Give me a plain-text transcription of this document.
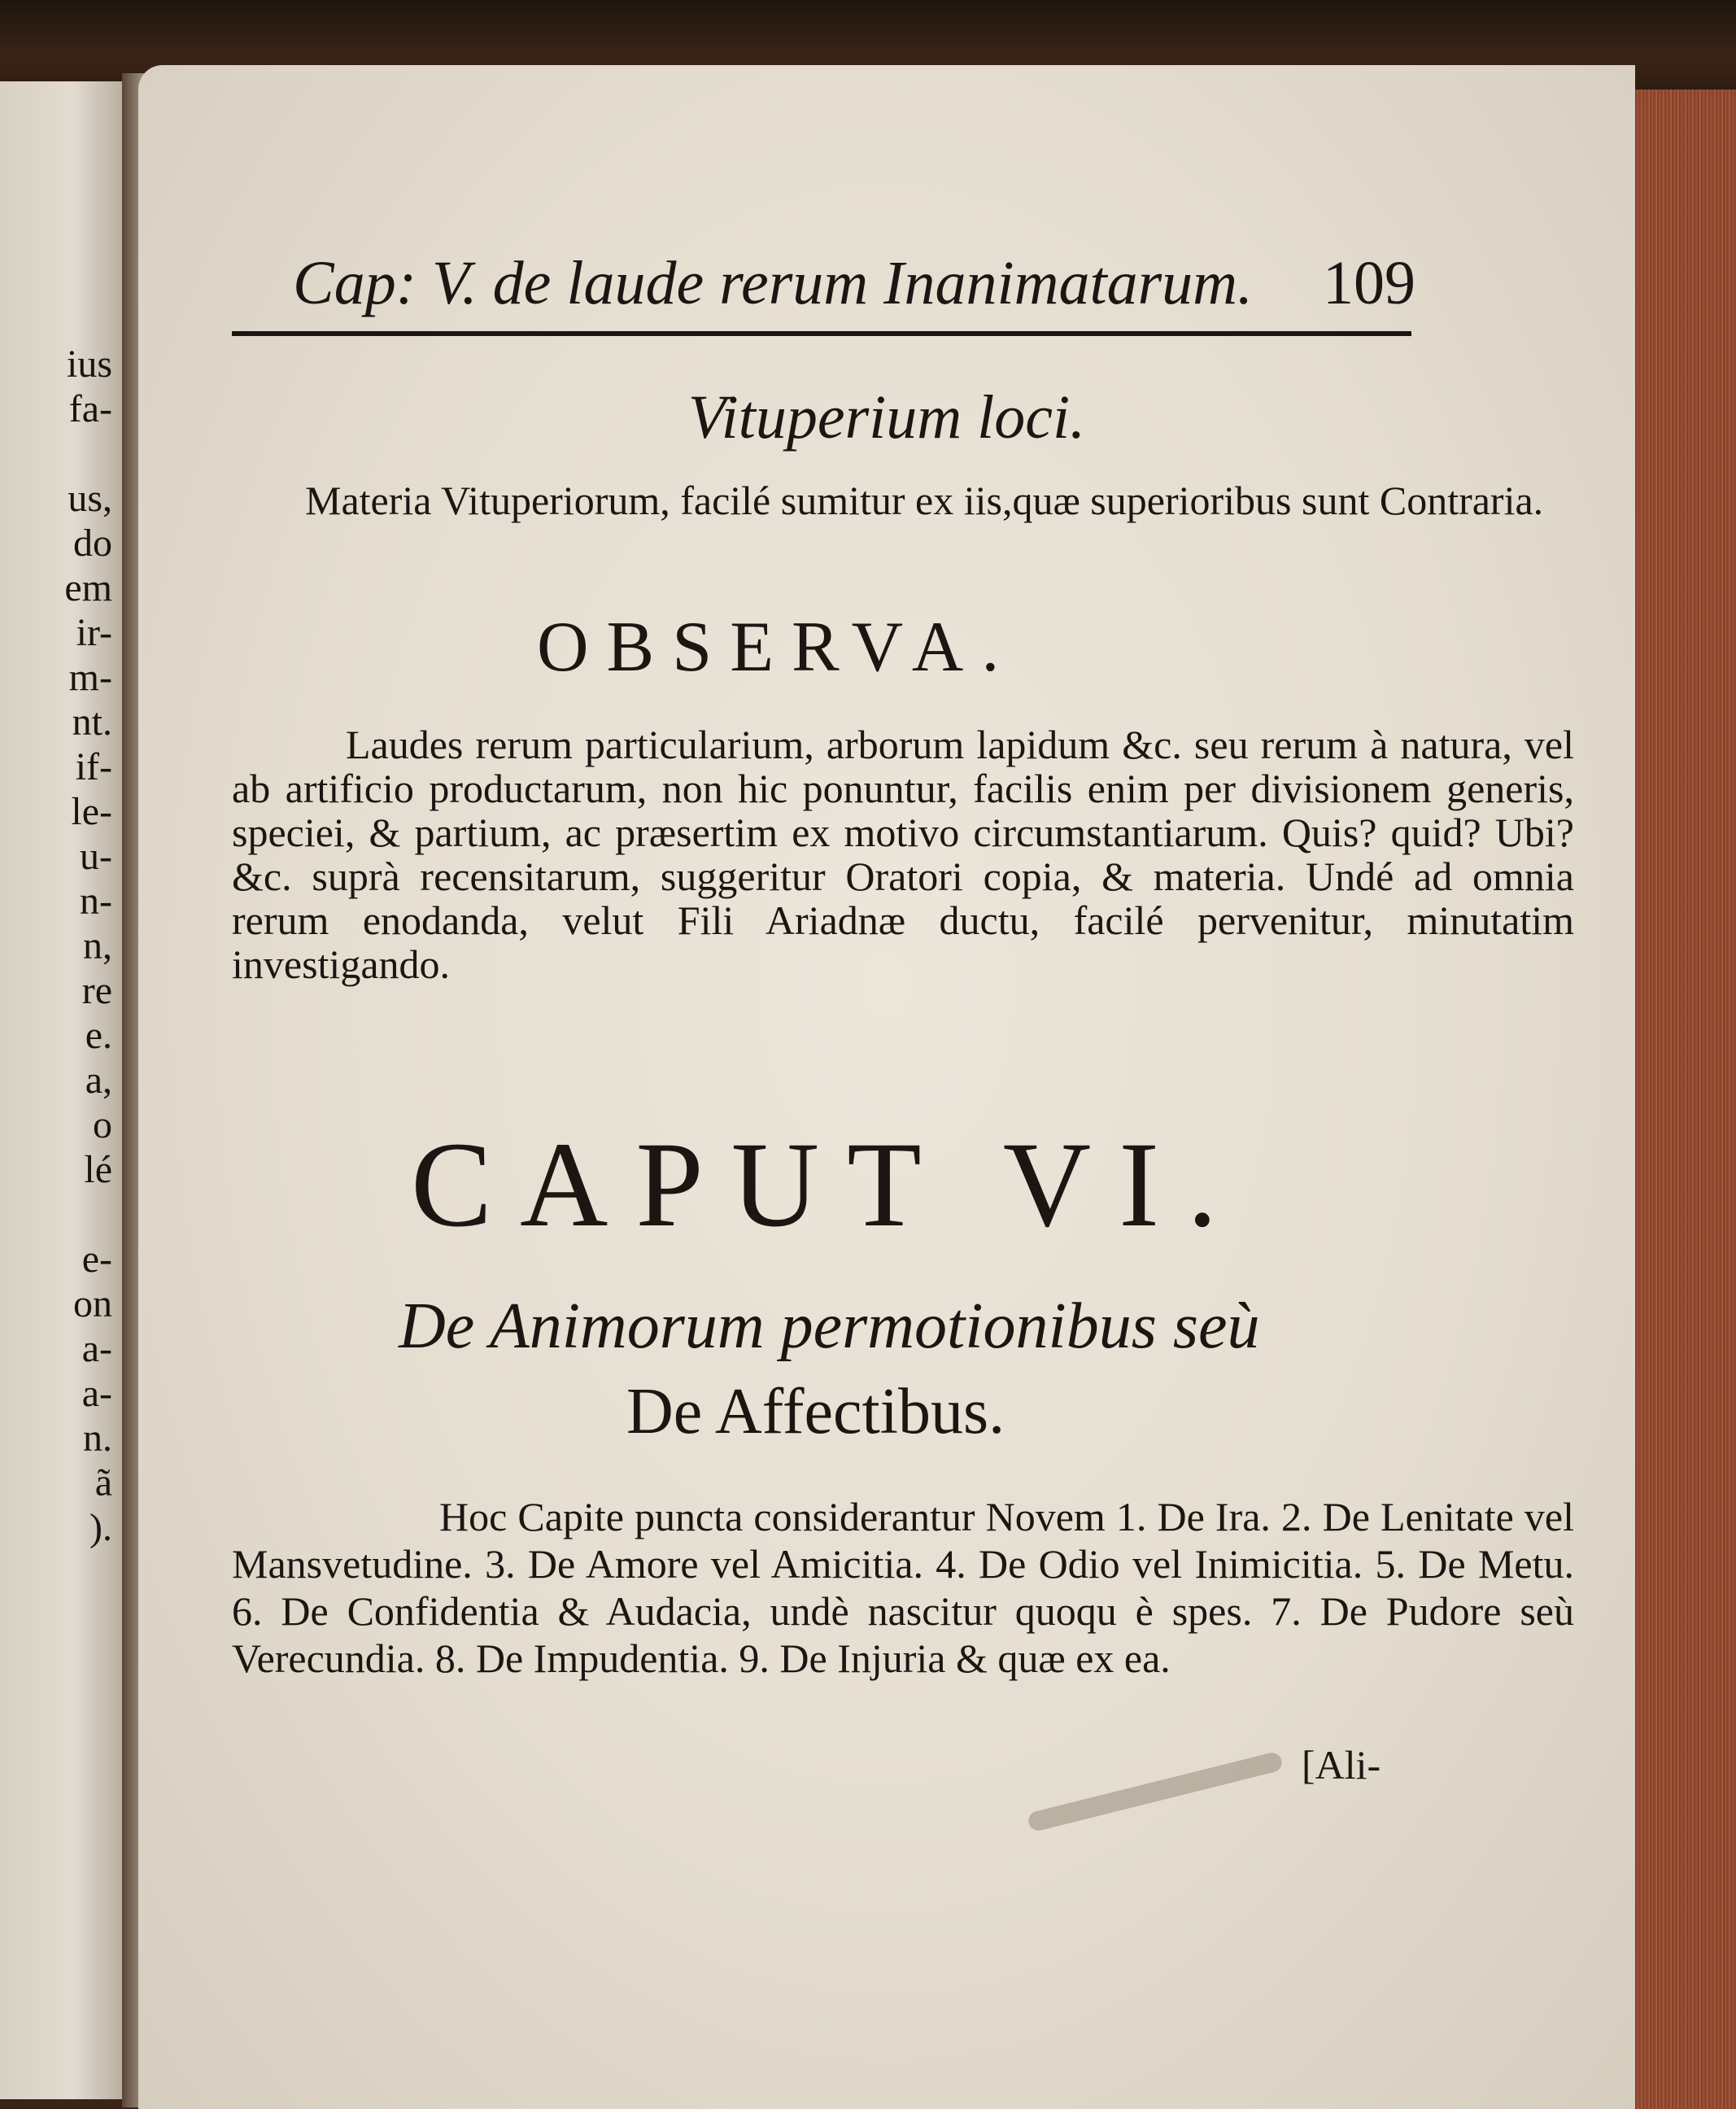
ius
fa-

us,
do
em
ir-
m-
nt.
if-
le-
u-
n-
n,
re
e.
a,
o
lé

e-
on
a-
a-
n.
ã
).
Cap: V. de laude rerum Inanimatarum. 109
Vituperium loci.
Materia Vituperiorum, facilé sumitur ex iis,quæ superioribus sunt Contraria.
OBSERVA.
Laudes rerum particularium, arborum lapidum &c. seu rerum à natura, vel ab artificio productarum, non hic ponuntur, facilis enim per divisionem generis, speciei, & partium, ac præsertim ex motivo circumstantiarum. Quis? quid? Ubi? &c. suprà recensitarum, suggeritur Oratori copia, & materia. Undé ad omnia rerum enodanda, velut Fili Ariadnæ ductu, facilé pervenitur, minutatim investigando.
CAPUT VI.
De Animorum permotionibus seù
De Affectibus.
Hoc Capite puncta considerantur Novem 1. De Ira. 2. De Lenitate vel Mansvetudine. 3. De Amore vel Amicitia. 4. De Odio vel Inimicitia. 5. De Metu. 6. De Confidentia & Audacia, undè nascitur quoqu è spes. 7. De Pudore seù Verecundia. 8. De Impudentia. 9. De Injuria & quæ ex ea.
[Ali-
